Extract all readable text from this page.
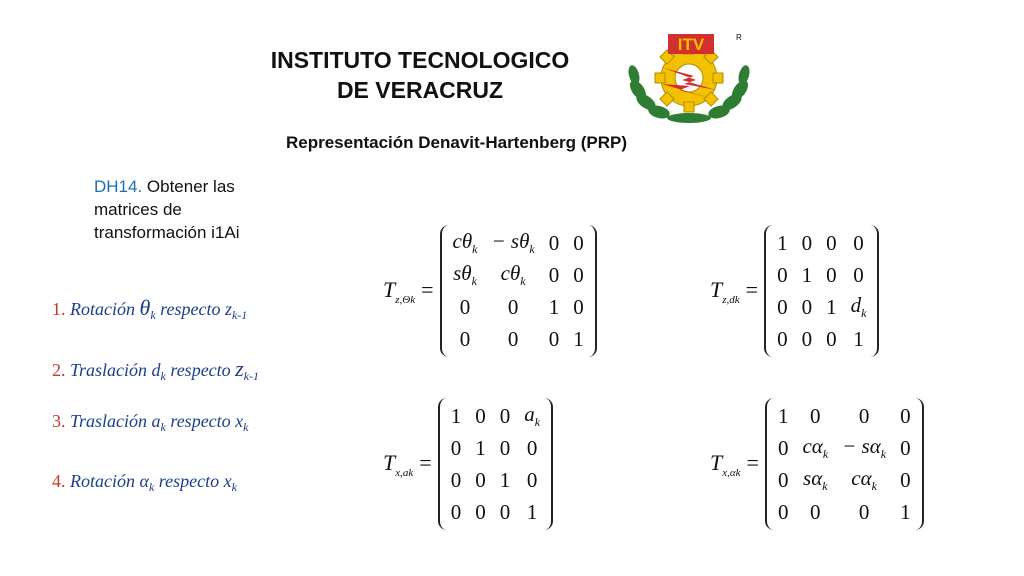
INSTITUTO TECNOLOGICO
DE VERACRUZ
ITV	R
Representación Denavit-Hartenberg (PRP)
DH14. Obtener las
matrices de
transformación i1Ai
1. Rotación $\theta_k$ respecto $z_{k-1}$
2. Traslación $d_k$ respecto $z_{k-1}$
3. Traslación $a_k$ respecto $x_k$
4. Rotación $\alpha_k$ respecto $x_k$
$T_{z,\Theta k}$ =
$c\theta_k$	− $s\theta_k$	0	0
$s\theta_k$	$c\theta_k$	0	0
0	0	1	0
0	0	0	1
$T_{z,dk}$ =
1	0	0	0
0	1	0	0
0	0	1	$d_k$
0	0	0	1
$T_{x,ak}$ =
1	0	0	$a_k$
0	1	0	0
0	0	1	0
0	0	0	1
$T_{x,\alpha k}$ =
1	0	0	0
0	$c\alpha_k$	− $s\alpha_k$	0
0	$s\alpha_k$	$c\alpha_k$	0
0	0	0	1
